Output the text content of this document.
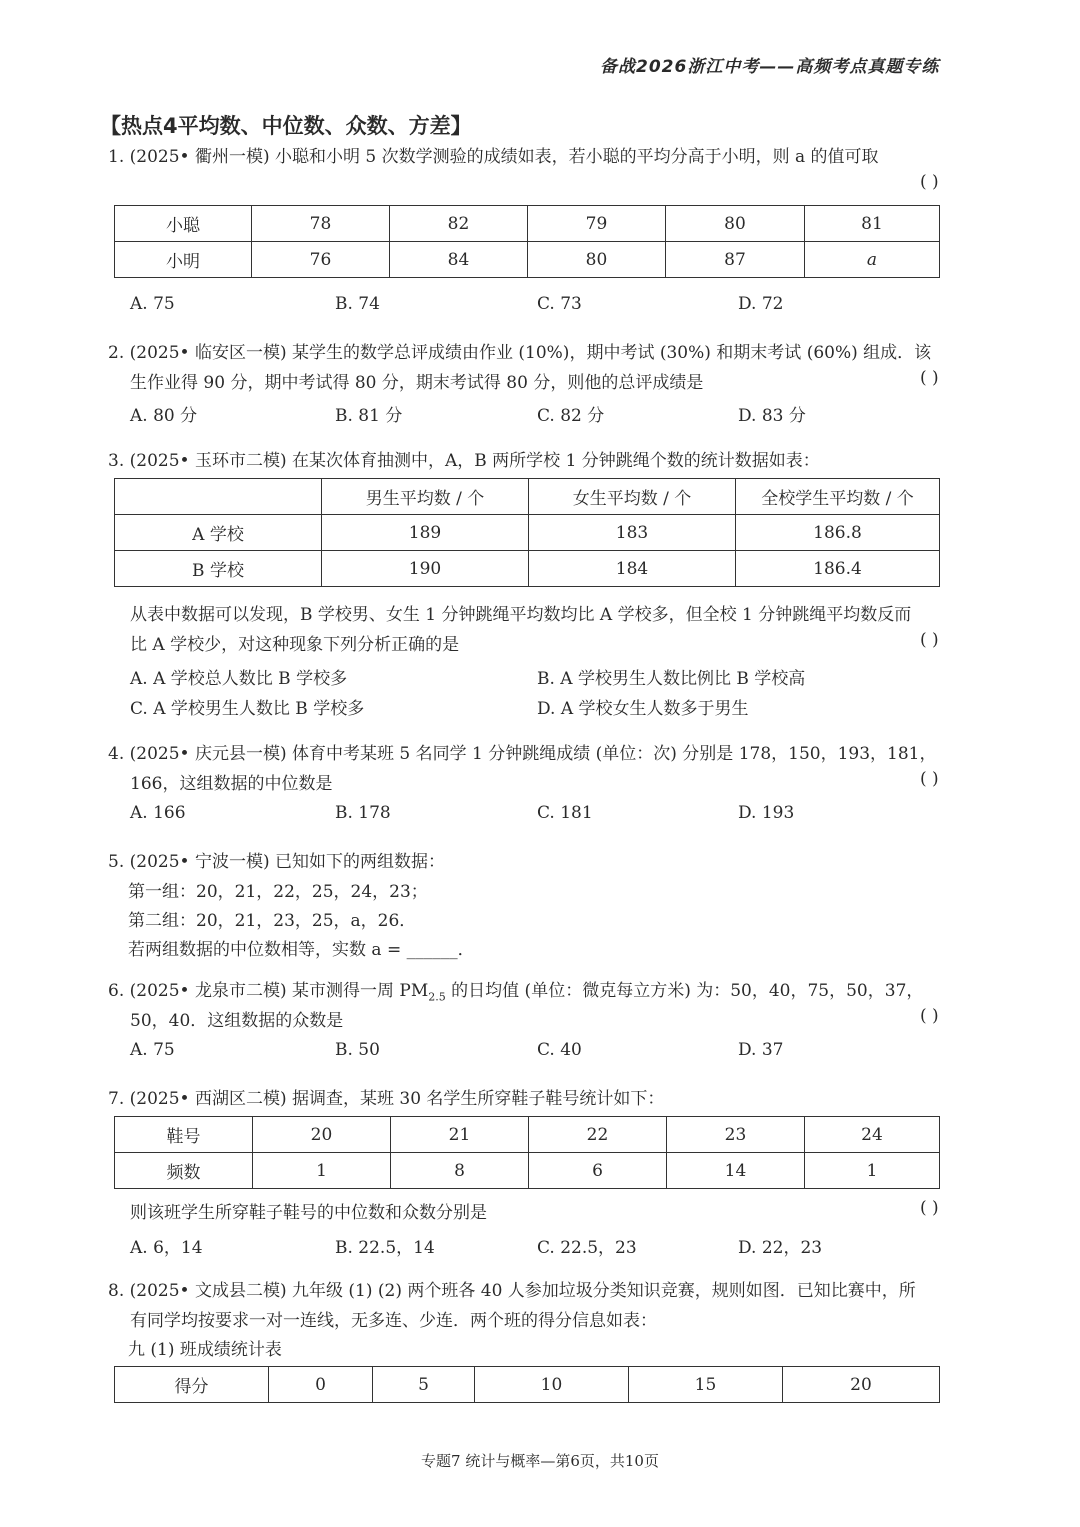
备战2026浙江中考——高频考点真题专练
【热点4平均数、中位数、众数、方差】
1. (2025• 衢州一模) 小聪和小明 5 次数学测验的成绩如表，若小聪的平均分高于小明，则 a 的值可取
( )
小聪	78	82	79	80	81
小明	76	84	80	87	a
A. 75	B. 74	C. 73	D. 72
2. (2025• 临安区一模) 某学生的数学总评成绩由作业 (10%)，期中考试 (30%) 和期末考试 (60%) 组成．该
生作业得 90 分，期中考试得 80 分，期末考试得 80 分，则他的总评成绩是	( )
A. 80 分	B. 81 分	C. 82 分	D. 83 分
3. (2025• 玉环市二模) 在某次体育抽测中，A，B 两所学校 1 分钟跳绳个数的统计数据如表：
	男生平均数 / 个	女生平均数 / 个	全校学生平均数 / 个
A 学校	189	183	186.8
B 学校	190	184	186.4
从表中数据可以发现，B 学校男、女生 1 分钟跳绳平均数均比 A 学校多，但全校 1 分钟跳绳平均数反而
比 A 学校少，对这种现象下列分析正确的是	( )
A. A 学校总人数比 B 学校多	B. A 学校男生人数比例比 B 学校高
C. A 学校男生人数比 B 学校多	D. A 学校女生人数多于男生
4. (2025• 庆元县一模) 体育中考某班 5 名同学 1 分钟跳绳成绩 (单位：次) 分别是 178，150，193，181，
166，这组数据的中位数是	( )
A. 166	B. 178	C. 181	D. 193
5. (2025• 宁波一模) 已知如下的两组数据：
第一组：20，21，22，25，24，23；
第二组：20，21，23，25，a，26．
若两组数据的中位数相等，实数 a = ______．
6. (2025• 龙泉市二模) 某市测得一周 $PM_{2.5}$ 的日均值 (单位：微克每立方米) 为：50，40，75，50，37，
50，40．这组数据的众数是	( )
A. 75	B. 50	C. 40	D. 37
7. (2025• 西湖区二模) 据调查，某班 30 名学生所穿鞋子鞋号统计如下：
鞋号	20	21	22	23	24
频数	1	8	6	14	1
则该班学生所穿鞋子鞋号的中位数和众数分别是	( )
A. 6，14	B. 22.5，14	C. 22.5，23	D. 22，23
8. (2025• 文成县二模) 九年级 (1) (2) 两个班各 40 人参加垃圾分类知识竞赛，规则如图．已知比赛中，所
有同学均按要求一对一连线，无多连、少连．两个班的得分信息如表：
九 (1) 班成绩统计表
得分	0	5	10	15	20
专题7 统计与概率—第6页，共10页
